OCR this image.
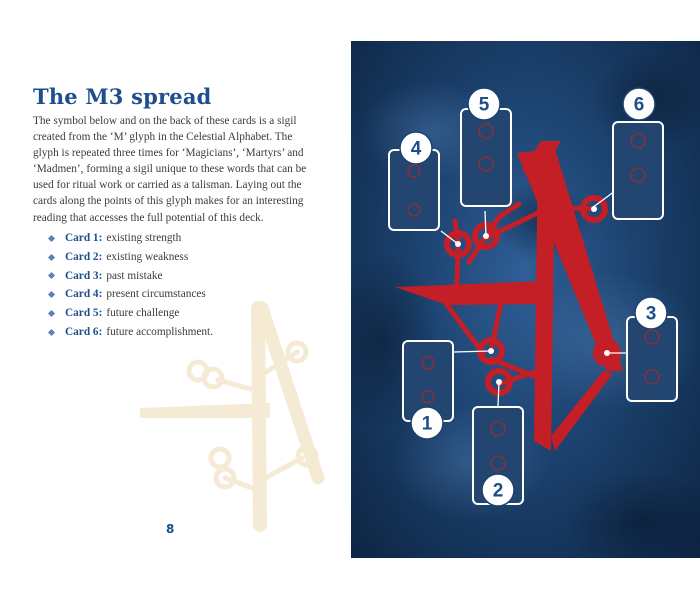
The M3 spread

The symbol below and on the back of these cards is a sigil created from the ‘M’ glyph in the Celestial Alphabet. The glyph is repeated three times for ‘Magicians’, ‘Martyrs’ and ‘Madmen’, forming a sigil unique to these words that can be used for ritual work or carried as a talisman. Laying out the cards along the points of this glyph makes for an interesting reading that accesses the full potential of this deck.

Card 1: existing strength
Card 2: existing weakness
Card 3: past mistake
Card 4: present circumstances
Card 5: future challenge
Card 6: future accomplishment.
8
1
2
3
4
5	6
